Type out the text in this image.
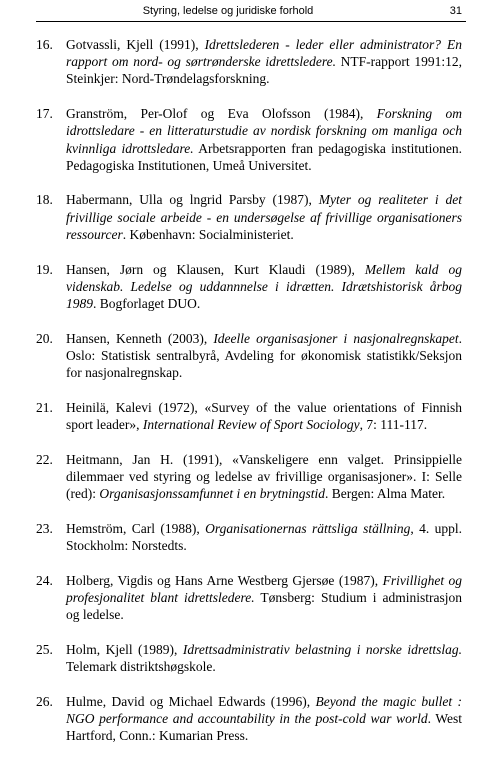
Styring, ledelse og juridiske forhold	31
16. Gotvassli, Kjell (1991), Idrettslederen - leder eller administrator? En rapport om nord- og sørtrønderske idrettsledere. NTF-rapport 1991:12, Steinkjer: Nord-Trøndelagsforskning.
17. Granström, Per-Olof og Eva Olofsson (1984), Forskning om idrottsledare - en litteraturstudie av nordisk forskning om manliga och kvinnliga idrottsledare. Arbetsrapporten fran pedagogiska institutionen. Pedagogiska Institutionen, Umeå Universitet.
18. Habermann, Ulla og lngrid Parsby (1987), Myter og realiteter i det frivillige sociale arbeide - en undersøgelse af frivillige organisationers ressourcer. København: Socialministeriet.
19. Hansen, Jørn og Klausen, Kurt Klaudi (1989), Mellem kald og videnskab. Ledelse og uddannnelse i idrætten. Idrætshistorisk årbog 1989. Bogforlaget DUO.
20. Hansen, Kenneth (2003), Ideelle organisasjoner i nasjonalregnskapet. Oslo: Statistisk sentralbyrå, Avdeling for økonomisk statistikk/Seksjon for nasjonalregnskap.
21. Heinilä, Kalevi (1972), «Survey of the value orientations of Finnish sport leader», International Review of Sport Sociology, 7: 111-117.
22. Heitmann, Jan H. (1991), «Vanskeligere enn valget. Prinsippielle dilemmaer ved styring og ledelse av frivillige organisasjoner». I: Selle (red): Organisasjonssamfunnet i en brytningstid. Bergen: Alma Mater.
23. Hemström, Carl (1988), Organisationernas rättsliga ställning, 4. uppl. Stockholm: Norstedts.
24. Holberg, Vigdis og Hans Arne Westberg Gjersøe (1987), Frivillighet og profesjonalitet blant idrettsledere. Tønsberg: Studium i administrasjon og ledelse.
25. Holm, Kjell (1989), Idrettsadministrativ belastning i norske idrettslag. Telemark distriktshøgskole.
26. Hulme, David og Michael Edwards (1996), Beyond the magic bullet : NGO performance and accountability in the post-cold war world. West Hartford, Conn.: Kumarian Press.
